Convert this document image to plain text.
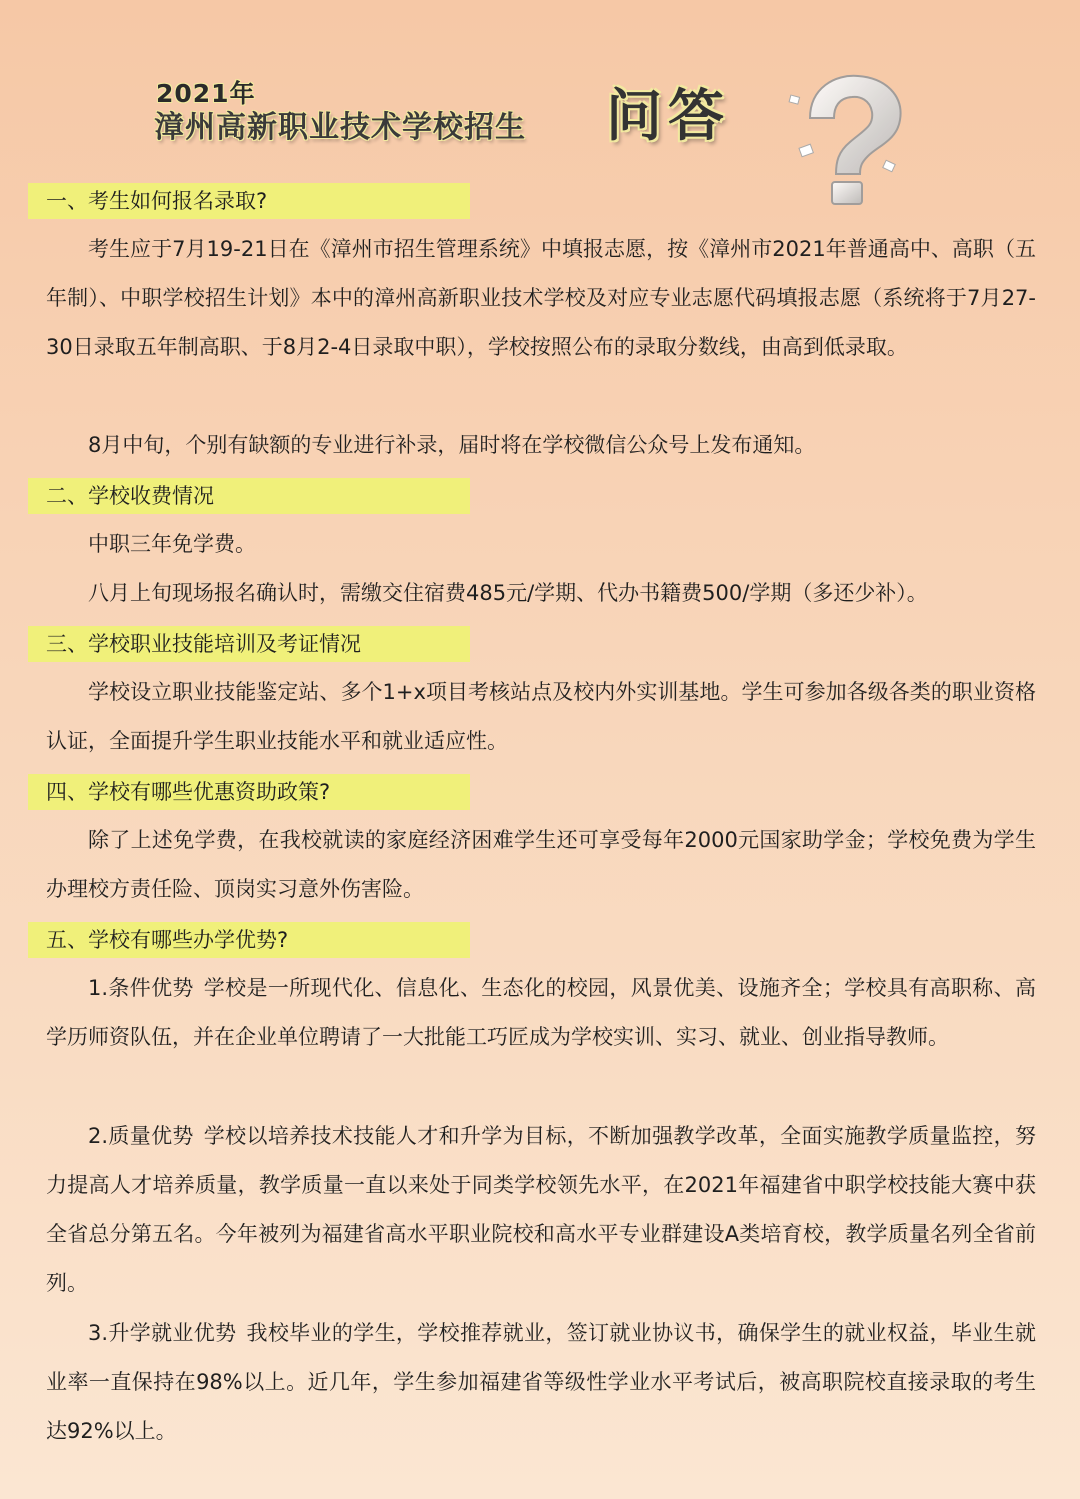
2021年
漳州高新职业技术学校招生 问答
一、考生如何报名录取?

考生应于7月19-21日在《漳州市招生管理系统》中填报志愿，按《漳州市2021年普通高中、高职（五年制）、中职学校招生计划》本中的漳州高新职业技术学校及对应专业志愿代码填报志愿（系统将于7月27-30日录取五年制高职、于8月2-4日录取中职），学校按照公布的录取分数线，由高到低录取。

8月中旬，个别有缺额的专业进行补录，届时将在学校微信公众号上发布通知。

二、学校收费情况

中职三年免学费。

八月上旬现场报名确认时，需缴交住宿费485元/学期、代办书籍费500/学期（多还少补）。

三、学校职业技能培训及考证情况

学校设立职业技能鉴定站、多个1+x项目考核站点及校内外实训基地。学生可参加各级各类的职业资格认证，全面提升学生职业技能水平和就业适应性。

四、学校有哪些优惠资助政策?

除了上述免学费，在我校就读的家庭经济困难学生还可享受每年2000元国家助学金；学校免费为学生办理校方责任险、顶岗实习意外伤害险。

五、学校有哪些办学优势?

1.条件优势 学校是一所现代化、信息化、生态化的校园，风景优美、设施齐全；学校具有高职称、高学历师资队伍，并在企业单位聘请了一大批能工巧匠成为学校实训、实习、就业、创业指导教师。

2.质量优势 学校以培养技术技能人才和升学为目标，不断加强教学改革，全面实施教学质量监控，努力提高人才培养质量，教学质量一直以来处于同类学校领先水平，在2021年福建省中职学校技能大赛中获全省总分第五名。今年被列为福建省高水平职业院校和高水平专业群建设A类培育校，教学质量名列全省前列。

3.升学就业优势 我校毕业的学生，学校推荐就业，签订就业协议书，确保学生的就业权益，毕业生就业率一直保持在98%以上。近几年，学生参加福建省等级性学业水平考试后，被高职院校直接录取的考生达92%以上。
